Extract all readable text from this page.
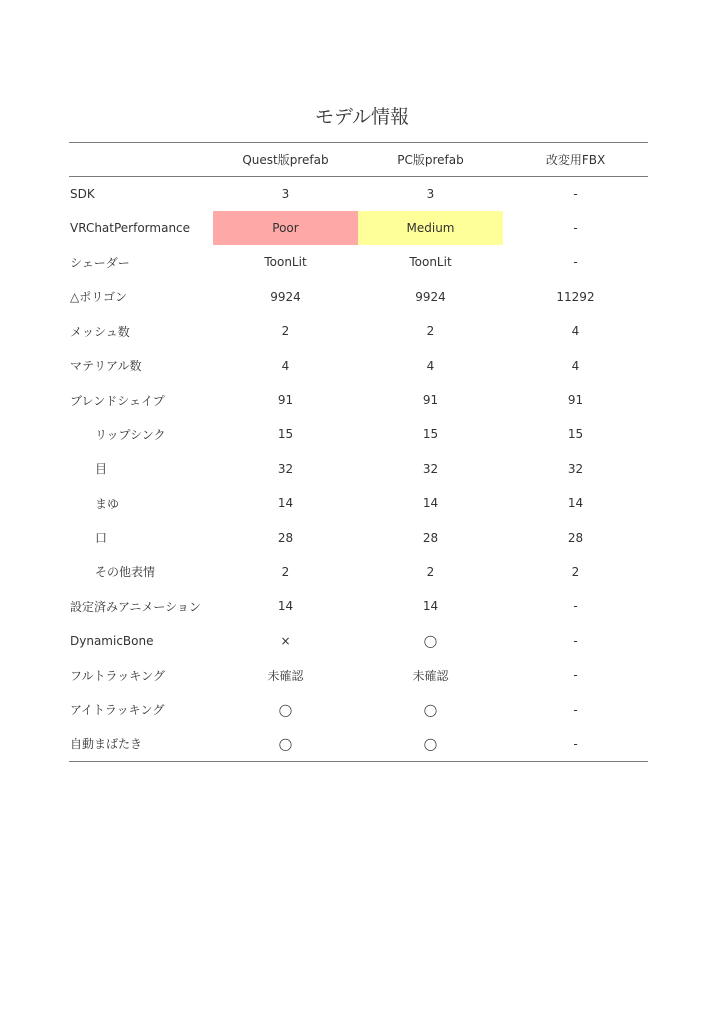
モデル情報
	Quest版prefab	PC版prefab	改変用FBX
SDK	3	3	-
VRChatPerformance	Poor	Medium	-
シェーダー	ToonLit	ToonLit	-
△ポリゴン	9924	9924	11292
メッシュ数	2	2	4
マテリアル数	4	4	4
ブレンドシェイプ	91	91	91
リップシンク	15	15	15
目	32	32	32
まゆ	14	14	14
口	28	28	28
その他表情	2	2	2
設定済みアニメーション	14	14	-
DynamicBone	×	◯	-
フルトラッキング	未確認	未確認	-
アイトラッキング	◯	◯	-
自動まばたき	◯	◯	-
